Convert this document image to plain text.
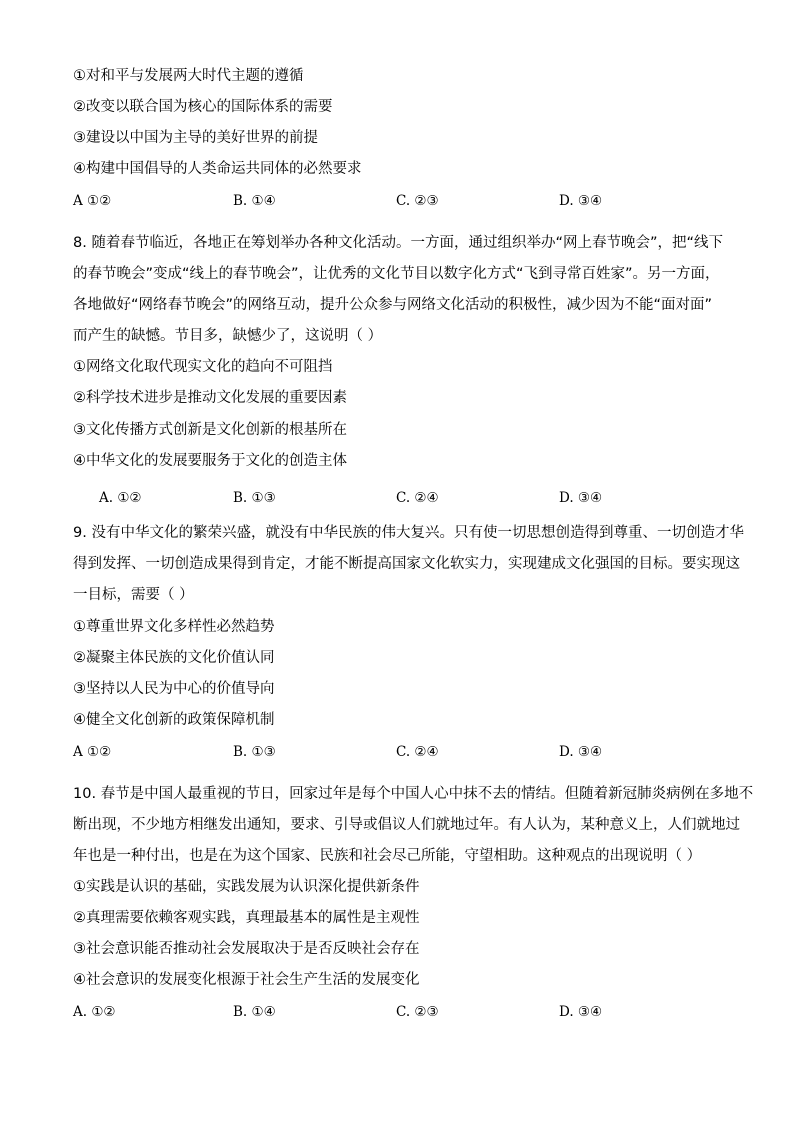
①对和平与发展两大时代主题的遵循
②改变以联合国为核心的国际体系的需要
③建设以中国为主导的美好世界的前提
④构建中国倡导的人类命运共同体的必然要求
A ①②	B. ①④	C. ②③	D. ③④
8. 随着春节临近，各地正在筹划举办各种文化活动。一方面，通过组织举办“网上春节晚会”，把“线下
的春节晚会”变成“线上的春节晚会”，让优秀的文化节目以数字化方式“飞到寻常百姓家”。另一方面，
各地做好“网络春节晚会”的网络互动，提升公众参与网络文化活动的积极性，减少因为不能“面对面”
而产生的缺憾。节目多，缺憾少了，这说明（ ）
①网络文化取代现实文化的趋向不可阻挡
②科学技术进步是推动文化发展的重要因素
③文化传播方式创新是文化创新的根基所在
④中华文化的发展要服务于文化的创造主体
A. ①②	B. ①③	C. ②④	D. ③④
9. 没有中华文化的繁荣兴盛，就没有中华民族的伟大复兴。只有使一切思想创造得到尊重、一切创造才华
得到发挥、一切创造成果得到肯定，才能不断提高国家文化软实力，实现建成文化强国的目标。要实现这
一目标，需要（ ）
①尊重世界文化多样性必然趋势
②凝聚主体民族的文化价值认同
③坚持以人民为中心的价值导向
④健全文化创新的政策保障机制
A ①②	B. ①③	C. ②④	D. ③④
10. 春节是中国人最重视的节日，回家过年是每个中国人心中抹不去的情结。但随着新冠肺炎病例在多地不
断出现，不少地方相继发出通知，要求、引导或倡议人们就地过年。有人认为，某种意义上，人们就地过
年也是一种付出，也是在为这个国家、民族和社会尽己所能，守望相助。这种观点的出现说明（ ）
①实践是认识的基础，实践发展为认识深化提供新条件
②真理需要依赖客观实践，真理最基本的属性是主观性
③社会意识能否推动社会发展取决于是否反映社会存在
④社会意识的发展变化根源于社会生产生活的发展变化
A. ①②	B. ①④	C. ②③	D. ③④
